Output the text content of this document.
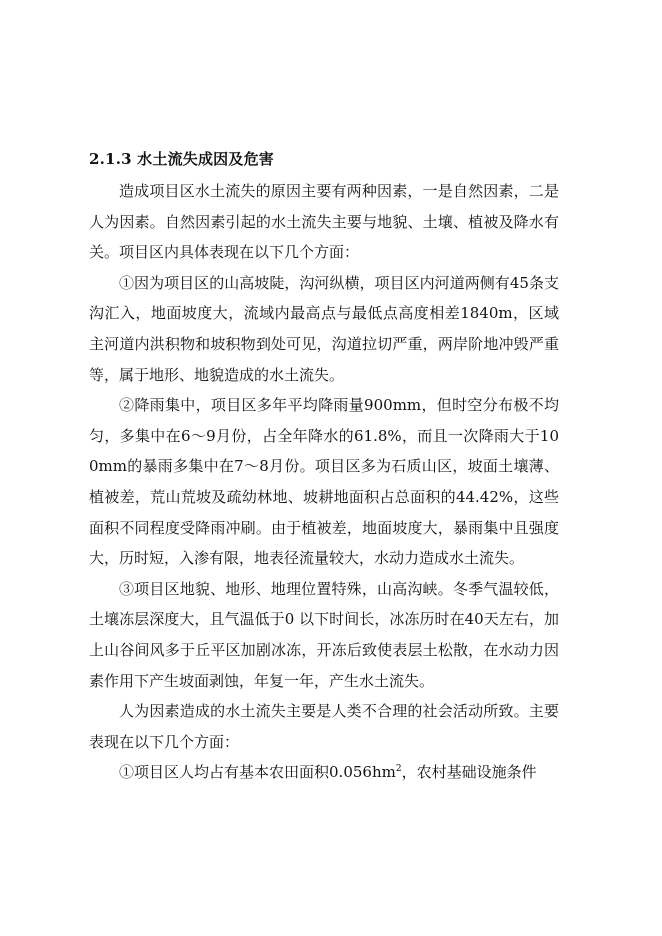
2.1.3 水土流失成因及危害

造成项目区水土流失的原因主要有两种因素，一是自然因素，二是人为因素。自然因素引起的水土流失主要与地貌、土壤、植被及降水有关。项目区内具体表现在以下几个方面：

①因为项目区的山高坡陡，沟河纵横，项目区内河道两侧有45条支沟汇入，地面坡度大，流域内最高点与最低点高度相差1840m，区域主河道内洪积物和坡积物到处可见，沟道拉切严重，两岸阶地冲毁严重等，属于地形、地貌造成的水土流失。

②降雨集中，项目区多年平均降雨量900mm，但时空分布极不均匀，多集中在6～9月份，占全年降水的61.8%，而且一次降雨大于100mm的暴雨多集中在7～8月份。项目区多为石质山区，坡面土壤薄、植被差，荒山荒坡及疏幼林地、坡耕地面积占总面积的44.42%，这些面积不同程度受降雨冲刷。由于植被差，地面坡度大，暴雨集中且强度大，历时短，入渗有限，地表径流量较大，水动力造成水土流失。

③项目区地貌、地形、地理位置特殊，山高沟峡。冬季气温较低，土壤冻层深度大，且气温低于0 以下时间长，冰冻历时在40天左右，加上山谷间风多于丘平区加剧冰冻，开冻后致使表层土松散，在水动力因素作用下产生坡面剥蚀，年复一年，产生水土流失。

人为因素造成的水土流失主要是人类不合理的社会活动所致。主要表现在以下几个方面：

①项目区人均占有基本农田面积$0.056hm^2$，农村基础设施条件
